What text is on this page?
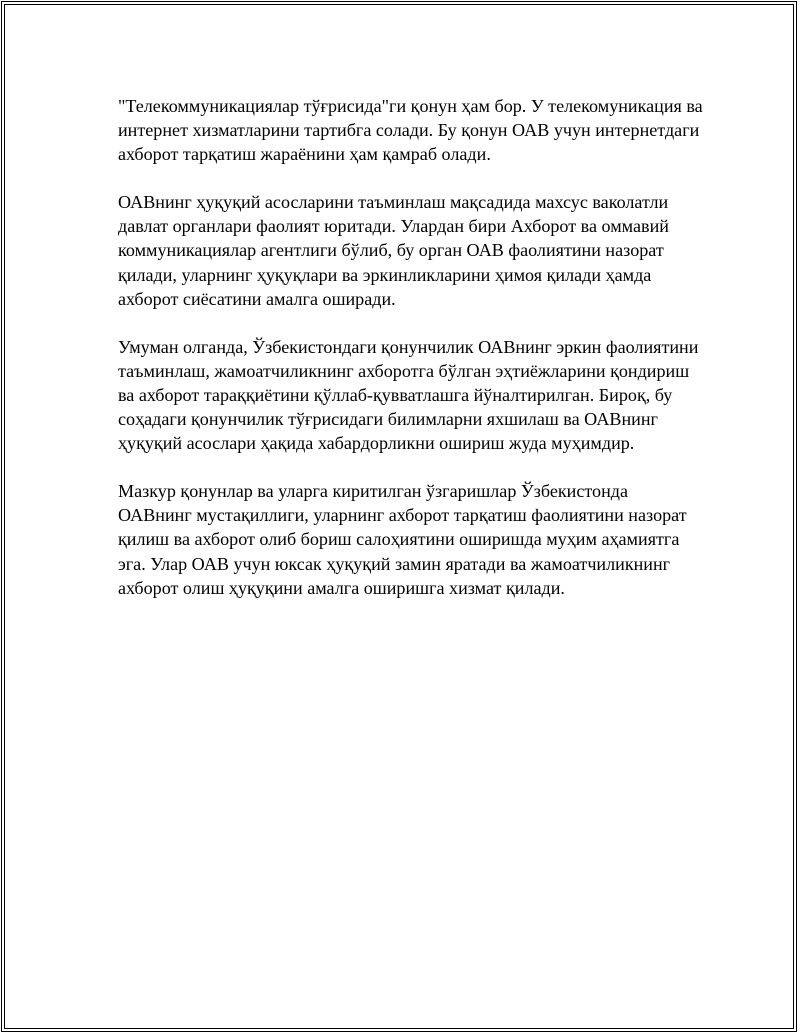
"Телекоммуникациялар тўғрисида"ги қонун ҳам бор. У телекомуникация ва интернет хизматларини тартибга солади. Бу қонун ОАВ учун интернетдаги ахборот тарқатиш жараёнини ҳам қамраб олади.

ОАВнинг ҳуқуқий асосларини таъминлаш мақсадида махсус ваколатли давлат органлари фаолият юритади. Улардан бири Ахборот ва оммавий коммуникациялар агентлиги бўлиб, бу орган ОАВ фаолиятини назорат қилади, уларнинг ҳуқуқлари ва эркинликларини ҳимоя қилади ҳамда ахборот сиёсатини амалга оширади.

Умуман олганда, Ўзбекистондаги қонунчилик ОАВнинг эркин фаолиятини таъминлаш, жамоатчиликнинг ахборотга бўлган эҳтиёжларини қондириш ва ахборот тараққиётини қўллаб-қувватлашга йўналтирилган. Бироқ, бу соҳадаги қонунчилик тўғрисидаги билимларни яхшилаш ва ОАВнинг ҳуқуқий асослари ҳақида хабардорликни ошириш жуда муҳимдир.

Мазкур қонунлар ва уларга киритилган ўзгаришлар Ўзбекистонда ОАВнинг мустақиллиги, уларнинг ахборот тарқатиш фаолиятини назорат қилиш ва ахборот олиб бориш салоҳиятини оширишда муҳим аҳамиятга эга. Улар ОАВ учун юксак ҳуқуқий замин яратади ва жамоатчиликнинг ахборот олиш ҳуқуқини амалга оширишга хизмат қилади.
